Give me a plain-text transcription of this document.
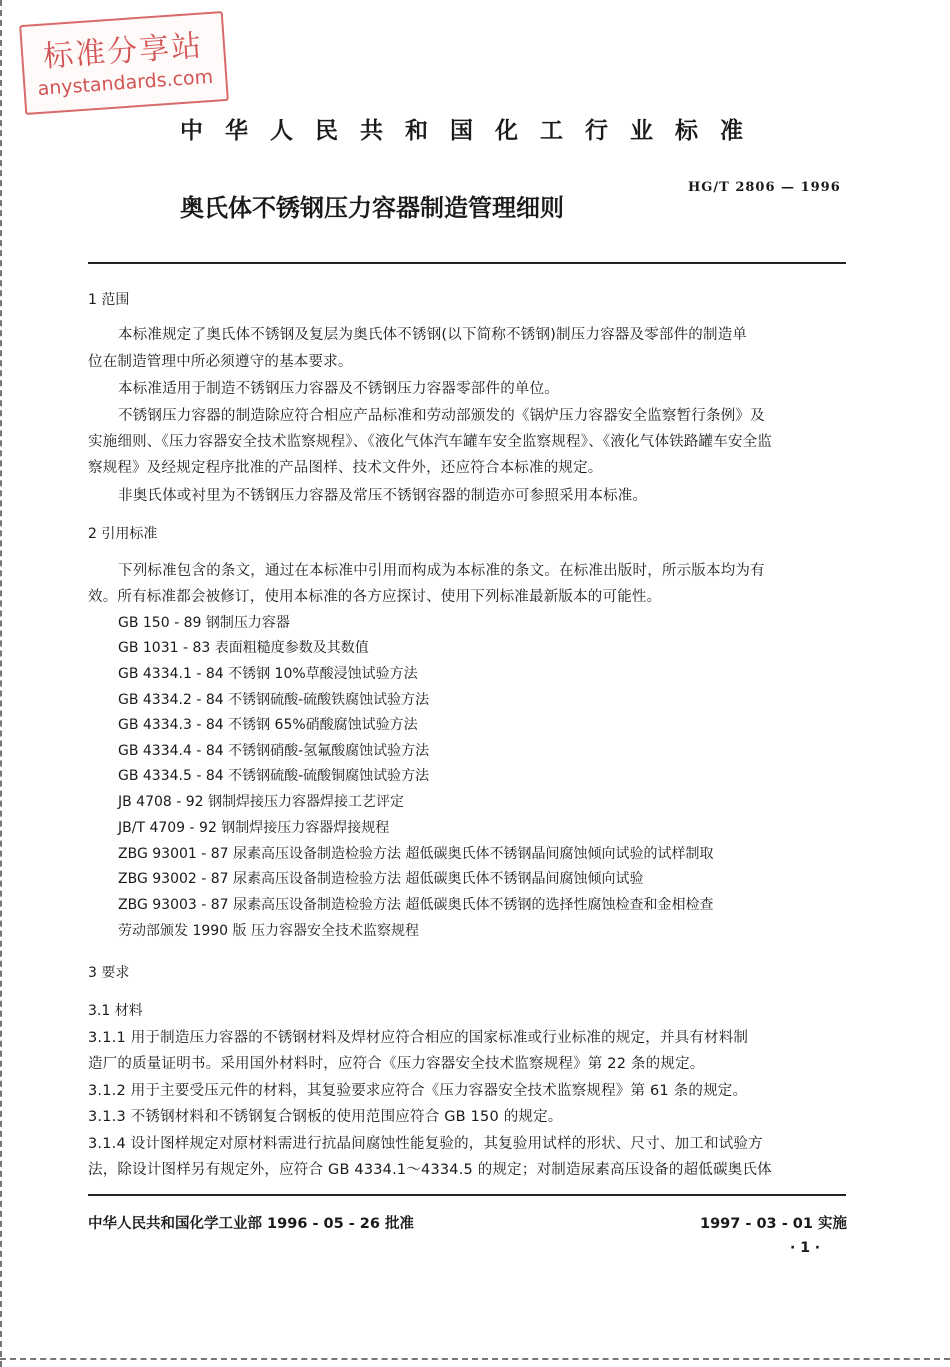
标准分享站
anystandards.com
中华人民共和国化工行业标准
奥氏体不锈钢压力容器制造管理细则
HG/T 2806 — 1996
1 范围
本标准规定了奥氏体不锈钢及复层为奥氏体不锈钢(以下简称不锈钢)制压力容器及零部件的制造单
位在制造管理中所必须遵守的基本要求。
本标准适用于制造不锈钢压力容器及不锈钢压力容器零部件的单位。
不锈钢压力容器的制造除应符合相应产品标准和劳动部颁发的《锅炉压力容器安全监察暂行条例》及
实施细则、《压力容器安全技术监察规程》、《液化气体汽车罐车安全监察规程》、《液化气体铁路罐车安全监
察规程》及经规定程序批准的产品图样、技术文件外，还应符合本标准的规定。
非奥氏体或衬里为不锈钢压力容器及常压不锈钢容器的制造亦可参照采用本标准。
2 引用标准
下列标准包含的条文，通过在本标准中引用而构成为本标准的条文。在标准出版时，所示版本均为有
效。所有标准都会被修订，使用本标准的各方应探讨、使用下列标准最新版本的可能性。
GB 150 - 89 钢制压力容器
GB 1031 - 83 表面粗糙度参数及其数值
GB 4334.1 - 84 不锈钢 10%草酸浸蚀试验方法
GB 4334.2 - 84 不锈钢硫酸-硫酸铁腐蚀试验方法
GB 4334.3 - 84 不锈钢 65%硝酸腐蚀试验方法
GB 4334.4 - 84 不锈钢硝酸-氢氟酸腐蚀试验方法
GB 4334.5 - 84 不锈钢硫酸-硫酸铜腐蚀试验方法
JB 4708 - 92 钢制焊接压力容器焊接工艺评定
JB/T 4709 - 92 钢制焊接压力容器焊接规程
ZBG 93001 - 87 尿素高压设备制造检验方法 超低碳奥氏体不锈钢晶间腐蚀倾向试验的试样制取
ZBG 93002 - 87 尿素高压设备制造检验方法 超低碳奥氏体不锈钢晶间腐蚀倾向试验
ZBG 93003 - 87 尿素高压设备制造检验方法 超低碳奥氏体不锈钢的选择性腐蚀检查和金相检查
劳动部颁发 1990 版 压力容器安全技术监察规程
3 要求
3.1 材料
3.1.1 用于制造压力容器的不锈钢材料及焊材应符合相应的国家标准或行业标准的规定，并具有材料制
造厂的质量证明书。采用国外材料时，应符合《压力容器安全技术监察规程》第 22 条的规定。
3.1.2 用于主要受压元件的材料，其复验要求应符合《压力容器安全技术监察规程》第 61 条的规定。
3.1.3 不锈钢材料和不锈钢复合钢板的使用范围应符合 GB 150 的规定。
3.1.4 设计图样规定对原材料需进行抗晶间腐蚀性能复验的，其复验用试样的形状、尺寸、加工和试验方
法，除设计图样另有规定外，应符合 GB 4334.1～4334.5 的规定；对制造尿素高压设备的超低碳奥氏体
中华人民共和国化学工业部 1996 - 05 - 26 批准	1997 - 03 - 01 实施
· 1 ·
